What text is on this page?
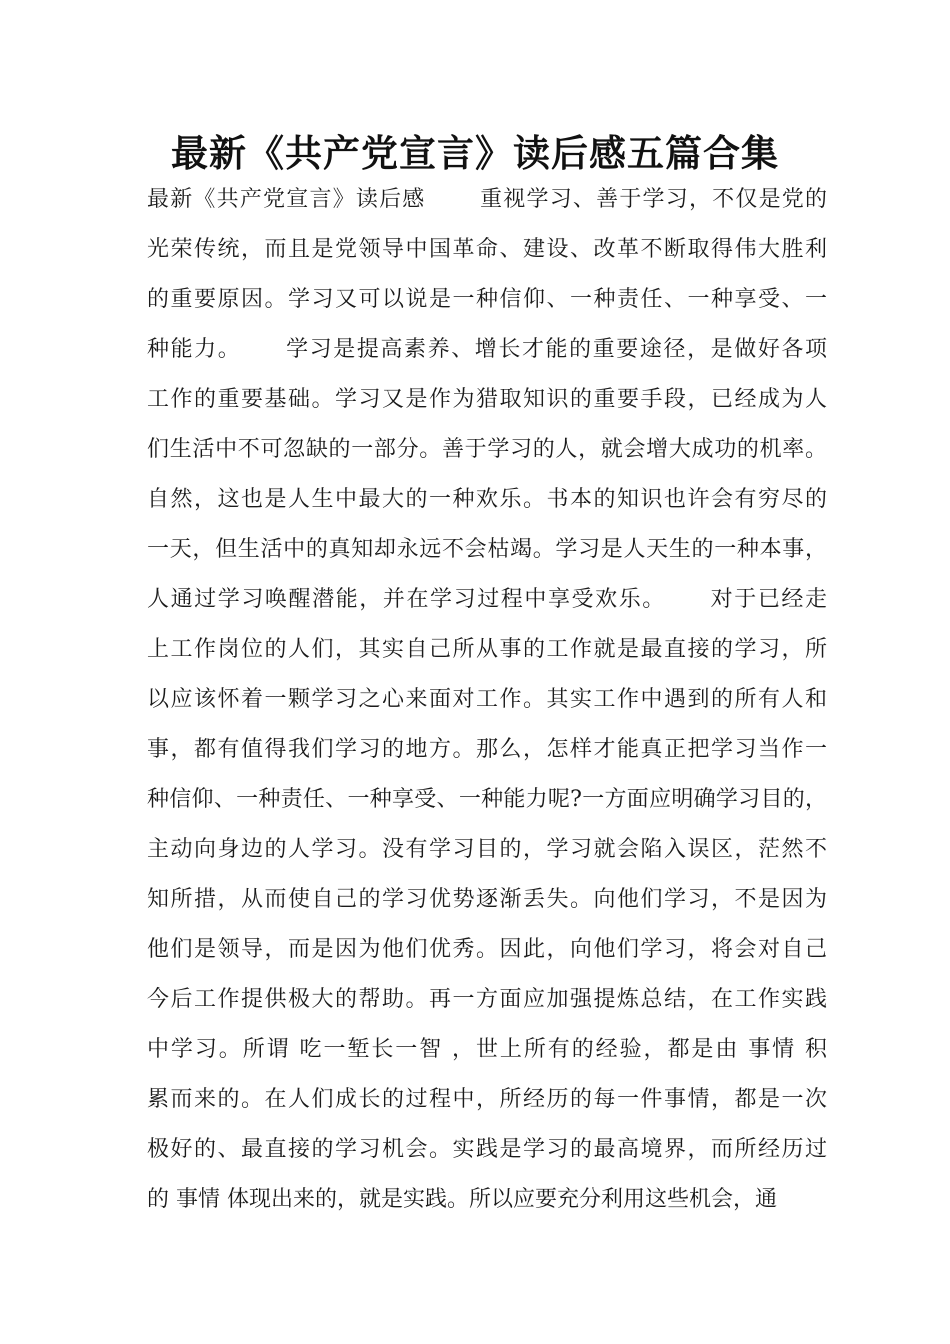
最新《共产党宣言》读后感五篇合集
最新《共产党宣言》读后感 　　重视学习、善于学习，不仅是党的
光荣传统，而且是党领导中国革命、建设、改革不断取得伟大胜利
的重要原因。学习又可以说是一种信仰、一种责任、一种享受、一
种能力。　　 学习是提高素养、增长才能的重要途径，是做好各项
工作的重要基础。学习又是作为猎取知识的重要手段，已经成为人
们生活中不可忽缺的一部分。善于学习的人，就会增大成功的机率。
自然，这也是人生中最大的一种欢乐。书本的知识也许会有穷尽的
一天，但生活中的真知却永远不会枯竭。学习是人天生的一种本事，
人通过学习唤醒潜能，并在学习过程中享受欢乐。　　 对于已经走
上工作岗位的人们，其实自己所从事的工作就是最直接的学习，所
以应该怀着一颗学习之心来面对工作。其实工作中遇到的所有人和
事，都有值得我们学习的地方。那么，怎样才能真正把学习当作一
种信仰、一种责任、一种享受、一种能力呢?一方面应明确学习目的，
主动向身边的人学习。没有学习目的，学习就会陷入误区，茫然不
知所措，从而使自己的学习优势逐渐丢失。向他们学习，不是因为
他们是领导，而是因为他们优秀。因此，向他们学习，将会对自己
今后工作提供极大的帮助。再一方面应加强提炼总结，在工作实践
中学习。所谓 吃一堑长一智 ，世上所有的经验，都是由 事情 积
累而来的。在人们成长的过程中，所经历的每一件事情，都是一次
极好的、最直接的学习机会。实践是学习的最高境界，而所经历过
的 事情 体现出来的，就是实践。所以应要充分利用这些机会，通
